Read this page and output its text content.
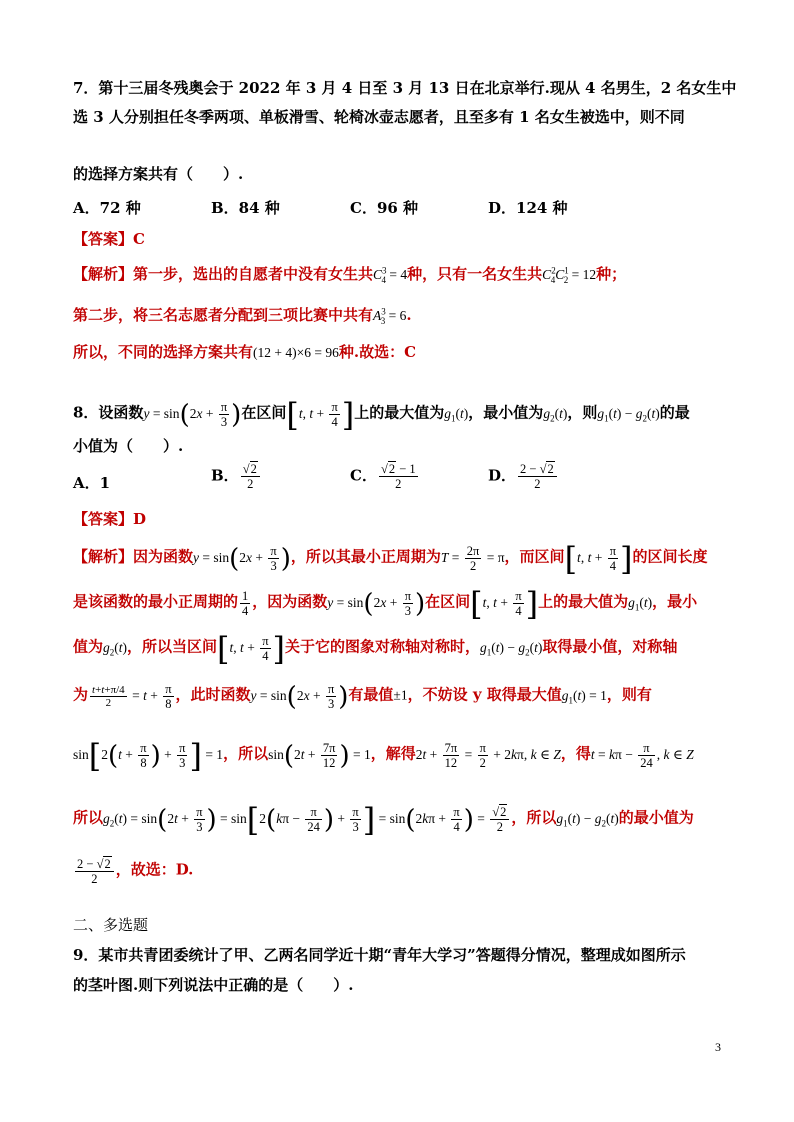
7．第十三届冬残奥会于 2022 年 3 月 4 日至 3 月 13 日在北京举行.现从 4 名男生，2 名女生中
选 3 人分别担任冬季两项、单板滑雪、轮椅冰壶志愿者，且至多有 1 名女生被选中，则不同
的选择方案共有（　　）.
A．72 种	B．84 种	C．96 种	D．124 种
【答案】C
【解析】第一步，选出的自愿者中没有女生共$C^3_4 = 4$种，只有一名女生共$C^2_4C^1_2 = 12$种；
第二步，将三名志愿者分配到三项比赛中共有$A^3_3 = 6$.
所以，不同的选择方案共有(12 + 4)×6 = 96种.故选：C
8．设函数$y = \sin(2x + \frac{\pi}{3}$ )在区间[t, $t + \frac{\pi}{4}$ ]上的最大值为$g_1(t)$，最小值为$g_2(t)$，则$g_1(t) - g_2(t)$的最
小值为（　　）.
A．1	B． $\frac{√2}{2}$	C． $\frac{√2 - 1}{2}$	D． $\frac{2 - √2}{2}$
【答案】D
【解析】因为函数$y = \sin(2x + \frac{\pi}{3}$ )，所以其最小正周期为$T = \frac{2\pi}{2} = \pi$，而区间[t, $t + \frac{\pi}{4}$ ]的区间长度
是该函数的最小正周期的 $\frac{1}{4}$ ，因为函数$y = \sin(2x + \frac{\pi}{3}$ )在区间[t, $t + \frac{\pi}{4}$ ]上的最大值为$g_1(t)$，最小
值为$g_2(t)$，所以当区间[t, $t + \frac{\pi}{4}$ ]关于它的图象对称轴对称时，$g_1(t) - g_2(t)$取得最小值，对称轴
为 $\frac{t+t+\pi/4}{2} = t + \frac{\pi}{8}$ ，此时函数$y = \sin(2x + \frac{\pi}{3}$ )有最值±1，不妨设 y 取得最大值$g_1(t) = 1$，则有
$\sin[2(t + \frac{\pi}{8}$ ) + $\frac{\pi}{3}$ ] = 1，所以$\sin(2t + \frac{7\pi}{12}$ ) = 1，解得$2t + \frac{7\pi}{12} = \frac{\pi}{2} + 2k\pi$, k ∈ Z，得$t = k\pi - \frac{\pi}{24}$ , k ∈ Z
所以$g_2(t) = \sin(2t + \frac{\pi}{3}$ ) = $\sin[2(k\pi - \frac{\pi}{24}$ ) + $\frac{\pi}{3}$ ] = $\sin(2k\pi + \frac{\pi}{4}$ ) = $\frac{√2}{2}$ ，所以$g_1(t) - g_2(t)$的最小值为
$\frac{2 - √2}{2}$ ，故选：D.
二、多选题
9．某市共青团委统计了甲、乙两名同学近十期“青年大学习”答题得分情况，整理成如图所示
的茎叶图.则下列说法中正确的是（　　）.
3
